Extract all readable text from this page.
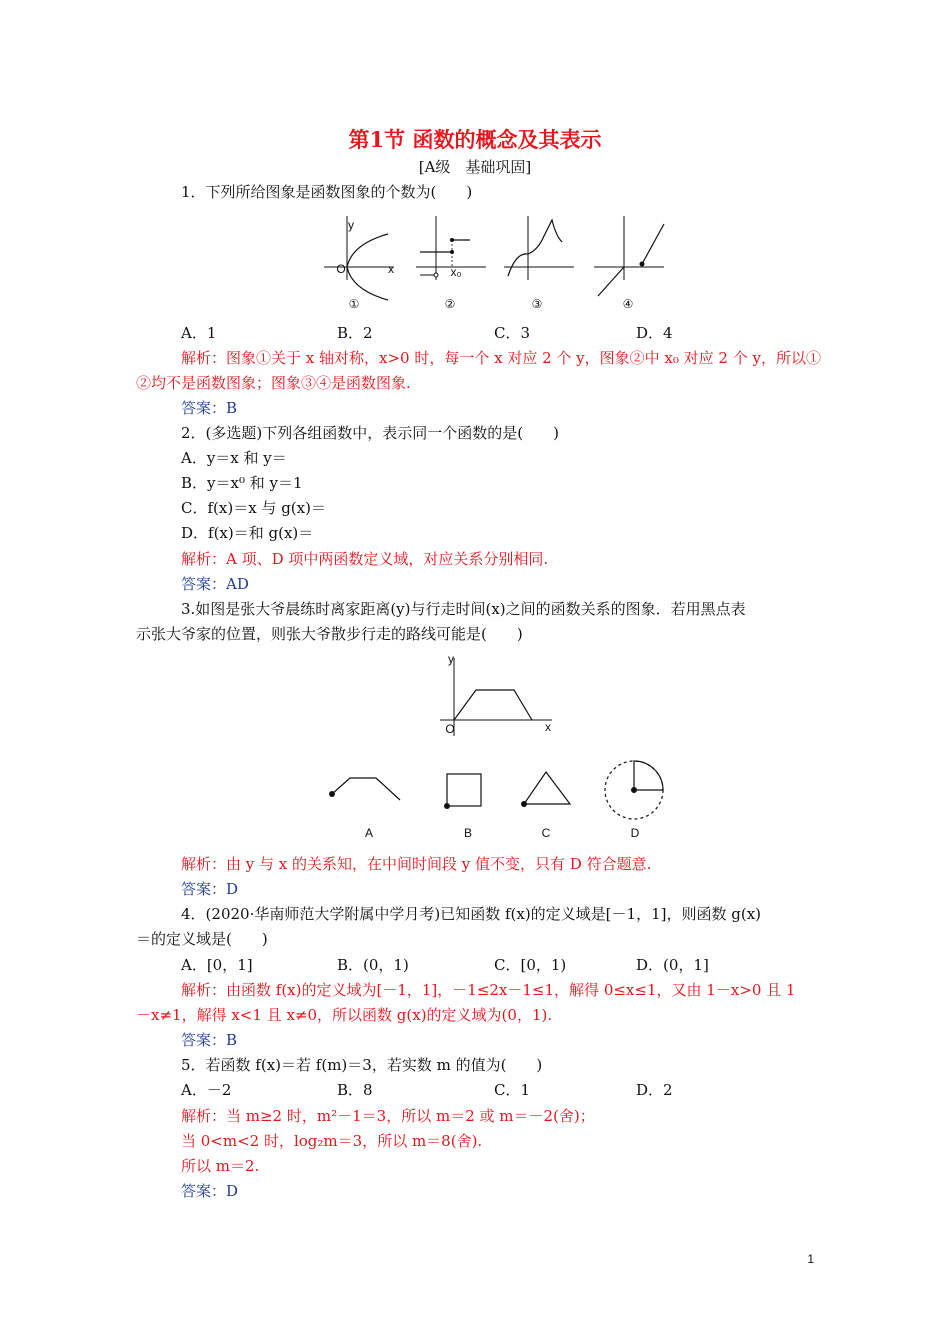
第1节 函数的概念及其表示
[A级　基础巩固]
1．下列所给图象是函数图象的个数为(　　)
y
x
O	x₀
①	②	③	④
A．1	B．2	C．3	D．4
解析：图象①关于 x 轴对称，x>0 时，每一个 x 对应 2 个 y，图象②中 x₀ 对应 2 个 y，所以①
②均不是函数图象；图象③④是函数图象.
答案：B
2．(多选题)下列各组函数中，表示同一个函数的是(　　)
A．y＝x 和 y＝
B．y＝x⁰ 和 y＝1
C．f(x)＝x 与 g(x)＝
D．f(x)＝和 g(x)＝
解析：A 项、D 项中两函数定义域，对应关系分别相同.
答案：AD
3.如图是张大爷晨练时离家距离(y)与行走时间(x)之间的函数关系的图象．若用黑点表
示张大爷家的位置，则张大爷散步行走的路线可能是(　　)
y
x
O
A	B	C	D
解析：由 y 与 x 的关系知，在中间时间段 y 值不变，只有 D 符合题意.
答案：D
4．(2020·华南师范大学附属中学月考)已知函数 f(x)的定义域是[－1，1]，则函数 g(x)
＝的定义域是(　　)
A．[0，1]	B．(0，1)	C．[0，1)	D．(0，1]
解析：由函数 f(x)的定义域为[－1，1]，－1≤2x－1≤1，解得 0≤x≤1，又由 1－x>0 且 1
－x≠1，解得 x<1 且 x≠0，所以函数 g(x)的定义域为(0，1).
答案：B
5．若函数 f(x)＝若 f(m)＝3，若实数 m 的值为(　　)
A．－2	B．8	C．1	D．2
解析：当 m≥2 时，m²－1＝3，所以 m＝2 或 m＝－2(舍)；
当 0<m<2 时，log₂m＝3，所以 m＝8(舍).
所以 m＝2.
答案：D
1
